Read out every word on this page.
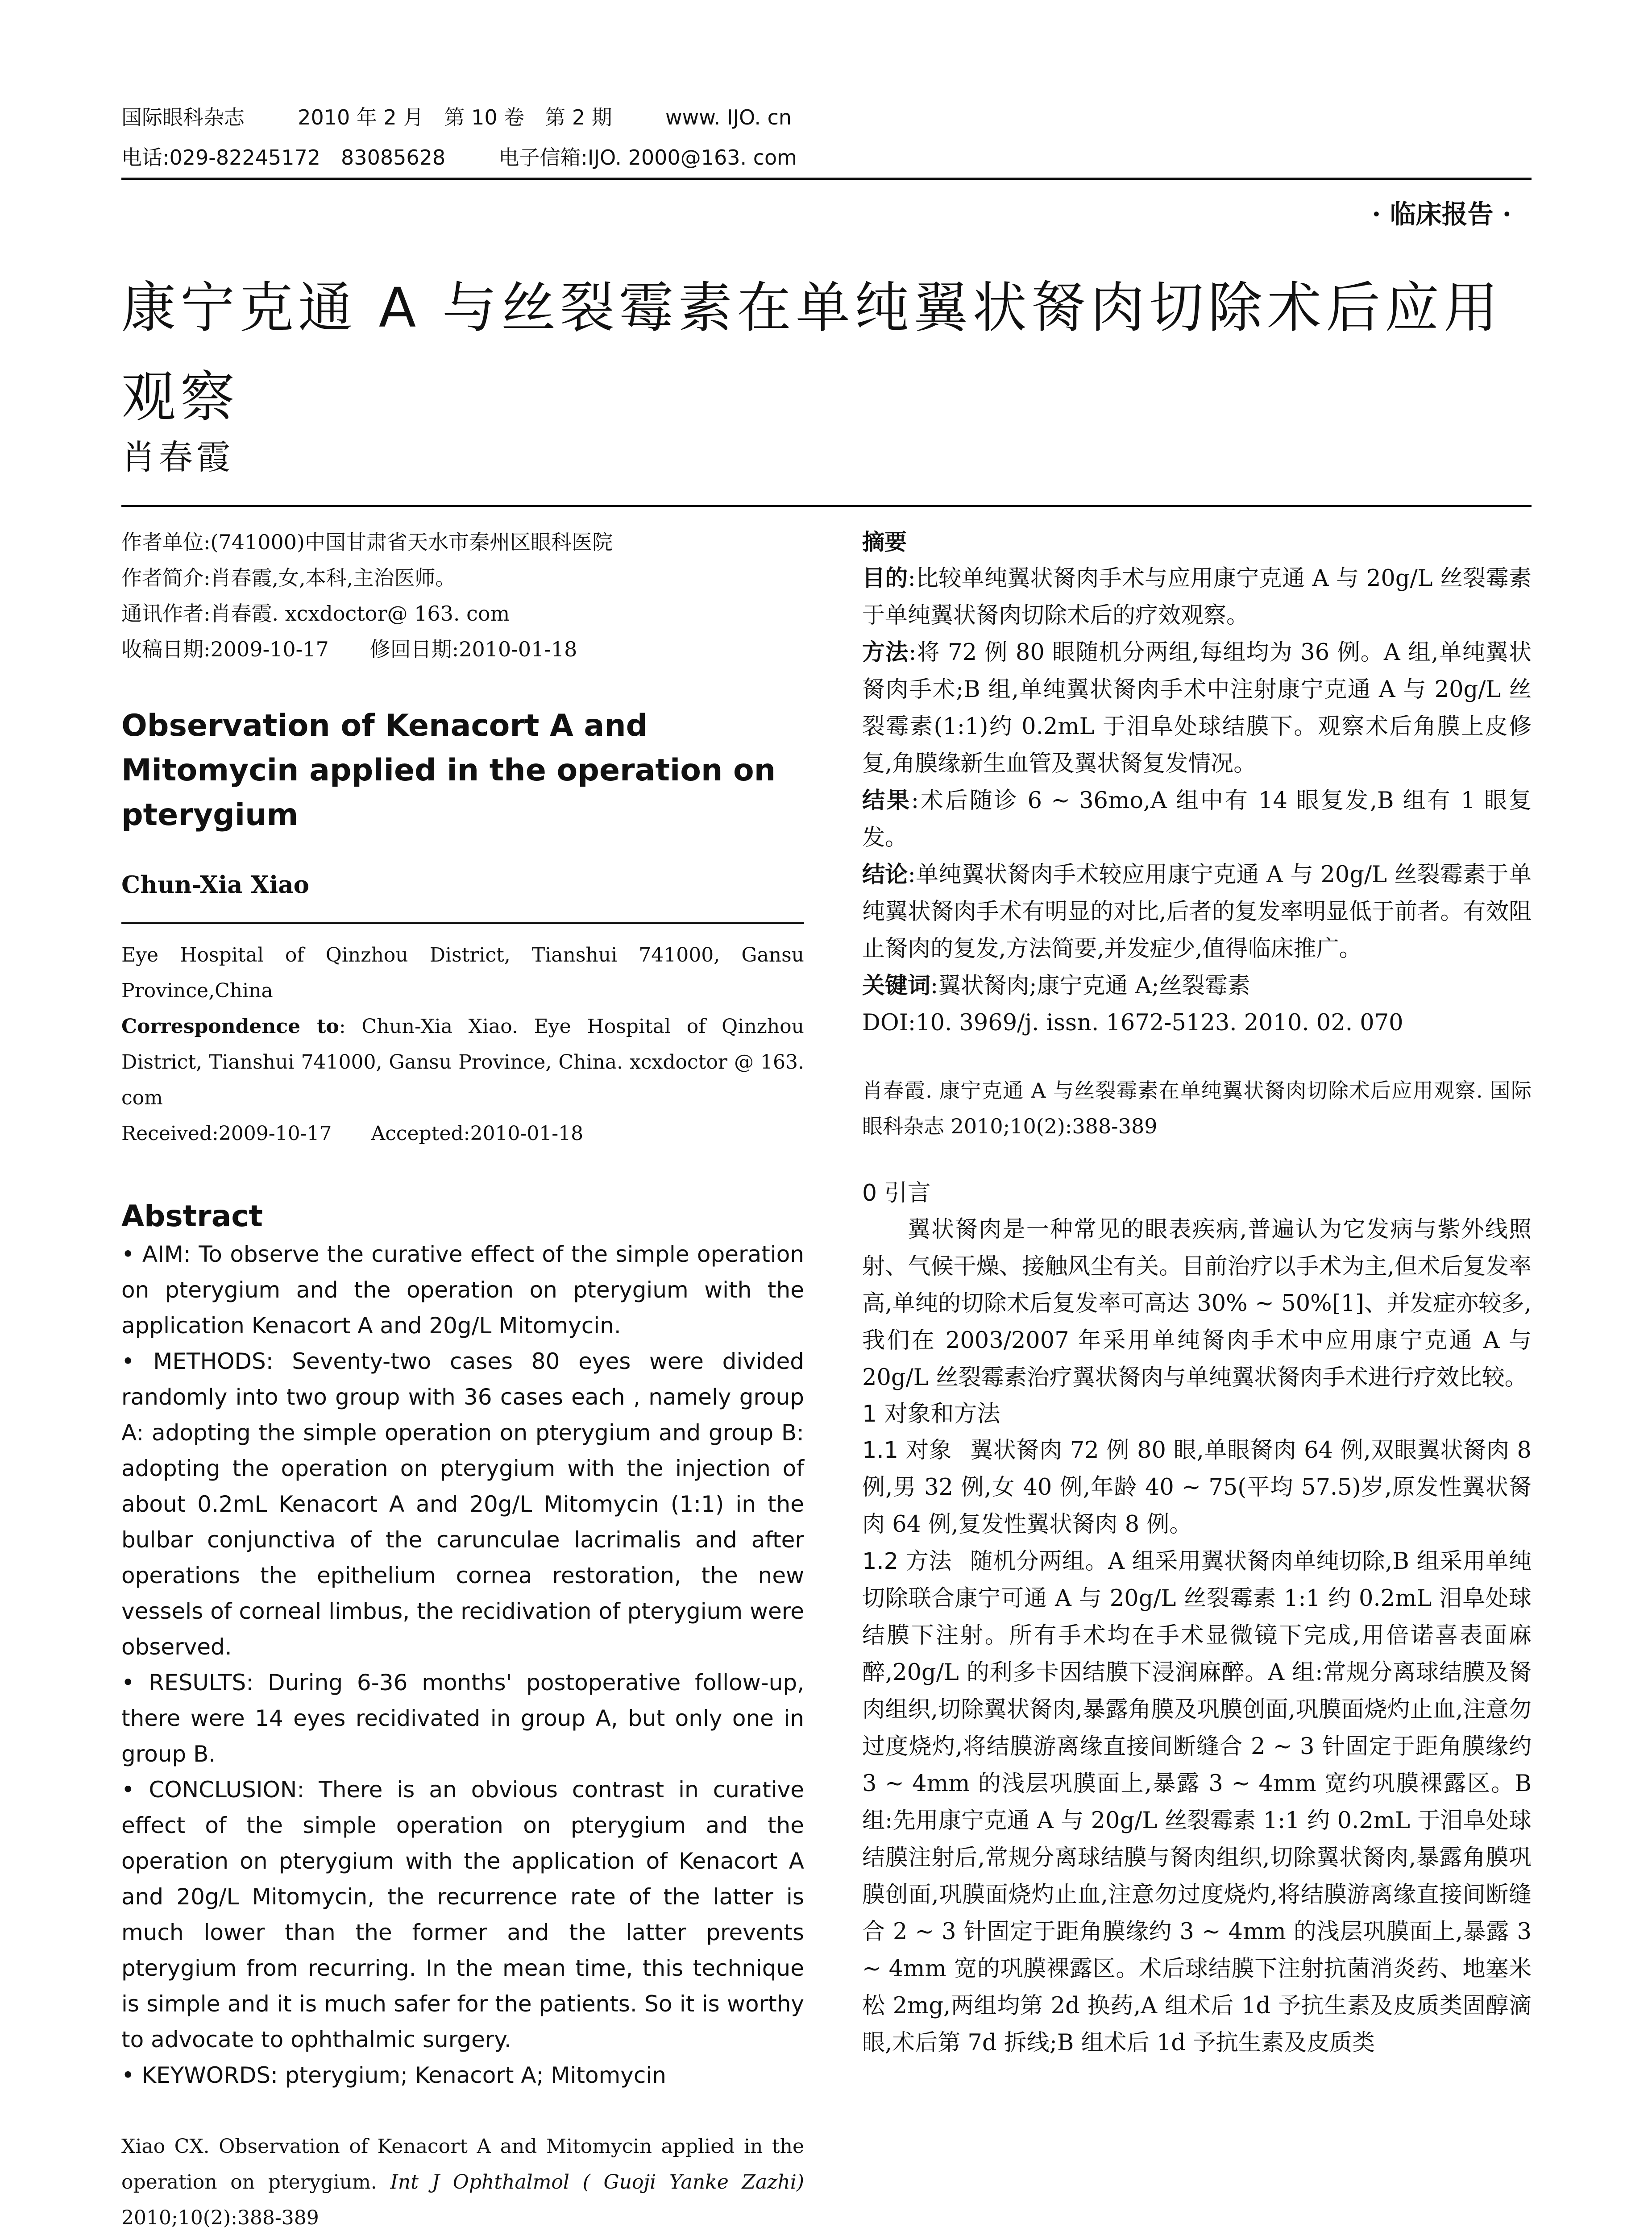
国际眼科杂志	2010 年 2 月　第 10 卷　第 2 期	www. IJO. cn
电话:029-82245172　83085628	电子信箱:IJO. 2000@163. com
· 临床报告 ·
康宁克通 A 与丝裂霉素在单纯翼状胬肉切除术后应用观察
肖春霞
作者单位:(741000)中国甘肃省天水市秦州区眼科医院
作者简介:肖春霞,女,本科,主治医师。
通讯作者:肖春霞. xcxdoctor@ 163. com
收稿日期:2009-10-17　　修回日期:2010-01-18
Observation of Kenacort A and Mitomycin applied in the operation on pterygium
Chun-Xia Xiao
Eye Hospital of Qinzhou District, Tianshui 741000, Gansu Province,China
Correspondence to: Chun-Xia Xiao. Eye Hospital of Qinzhou District, Tianshui 741000, Gansu Province, China. xcxdoctor @ 163. com
Received:2009-10-17　　Accepted:2010-01-18
Abstract

• AIM: To observe the curative effect of the simple operation on pterygium and the operation on pterygium with the application Kenacort A and 20g/L Mitomycin.

• METHODS: Seventy-two cases 80 eyes were divided randomly into two group with 36 cases each , namely group A: adopting the simple operation on pterygium and group B: adopting the operation on pterygium with the injection of about 0.2mL Kenacort A and 20g/L Mitomycin (1:1) in the bulbar conjunctiva of the carunculae lacrimalis and after operations the epithelium cornea restoration, the new vessels of corneal limbus, the recidivation of pterygium were observed.

• RESULTS: During 6-36 months' postoperative follow-up, there were 14 eyes recidivated in group A, but only one in group B.

• CONCLUSION: There is an obvious contrast in curative effect of the simple operation on pterygium and the operation on pterygium with the application of Kenacort A and 20g/L Mitomycin, the recurrence rate of the latter is much lower than the former and the latter prevents pterygium from recurring. In the mean time, this technique is simple and it is much safer for the patients. So it is worthy to advocate to ophthalmic surgery.

• KEYWORDS: pterygium; Kenacort A; Mitomycin

Xiao CX. Observation of Kenacort A and Mitomycin applied in the operation on pterygium. Int J Ophthalmol ( Guoji Yanke Zazhi) 2010;10(2):388-389
摘要

目的:比较单纯翼状胬肉手术与应用康宁克通 A 与 20g/L 丝裂霉素于单纯翼状胬肉切除术后的疗效观察。

方法:将 72 例 80 眼随机分两组,每组均为 36 例。A 组,单纯翼状胬肉手术;B 组,单纯翼状胬肉手术中注射康宁克通 A 与 20g/L 丝裂霉素(1:1)约 0.2mL 于泪阜处球结膜下。观察术后角膜上皮修复,角膜缘新生血管及翼状胬复发情况。

结果:术后随诊 6 ~ 36mo,A 组中有 14 眼复发,B 组有 1 眼复发。

结论:单纯翼状胬肉手术较应用康宁克通 A 与 20g/L 丝裂霉素于单纯翼状胬肉手术有明显的对比,后者的复发率明显低于前者。有效阻止胬肉的复发,方法简要,并发症少,值得临床推广。

关键词:翼状胬肉;康宁克通 A;丝裂霉素

DOI:10. 3969/j. issn. 1672-5123. 2010. 02. 070

肖春霞. 康宁克通 A 与丝裂霉素在单纯翼状胬肉切除术后应用观察. 国际眼科杂志 2010;10(2):388-389
0 引言
翼状胬肉是一种常见的眼表疾病,普遍认为它发病与紫外线照射、气候干燥、接触风尘有关。目前治疗以手术为主,但术后复发率高,单纯的切除术后复发率可高达 30% ~ 50%[1]、并发症亦较多,我们在 2003/2007 年采用单纯胬肉手术中应用康宁克通 A 与 20g/L 丝裂霉素治疗翼状胬肉与单纯翼状胬肉手术进行疗效比较。
1 对象和方法
1.1 对象 翼状胬肉 72 例 80 眼,单眼胬肉 64 例,双眼翼状胬肉 8 例,男 32 例,女 40 例,年龄 40 ~ 75(平均 57.5)岁,原发性翼状胬肉 64 例,复发性翼状胬肉 8 例。
1.2 方法 随机分两组。A 组采用翼状胬肉单纯切除,B 组采用单纯切除联合康宁可通 A 与 20g/L 丝裂霉素 1:1 约 0.2mL 泪阜处球结膜下注射。所有手术均在手术显微镜下完成,用倍诺喜表面麻醉,20g/L 的利多卡因结膜下浸润麻醉。A 组:常规分离球结膜及胬肉组织,切除翼状胬肉,暴露角膜及巩膜创面,巩膜面烧灼止血,注意勿过度烧灼,将结膜游离缘直接间断缝合 2 ~ 3 针固定于距角膜缘约 3 ~ 4mm 的浅层巩膜面上,暴露 3 ~ 4mm 宽约巩膜裸露区。B 组:先用康宁克通 A 与 20g/L 丝裂霉素 1:1 约 0.2mL 于泪阜处球结膜注射后,常规分离球结膜与胬肉组织,切除翼状胬肉,暴露角膜巩膜创面,巩膜面烧灼止血,注意勿过度烧灼,将结膜游离缘直接间断缝合 2 ~ 3 针固定于距角膜缘约 3 ~ 4mm 的浅层巩膜面上,暴露 3 ~ 4mm 宽的巩膜裸露区。术后球结膜下注射抗菌消炎药、地塞米松 2mg,两组均第 2d 换药,A 组术后 1d 予抗生素及皮质类固醇滴眼,术后第 7d 拆线;B 组术后 1d 予抗生素及皮质类
